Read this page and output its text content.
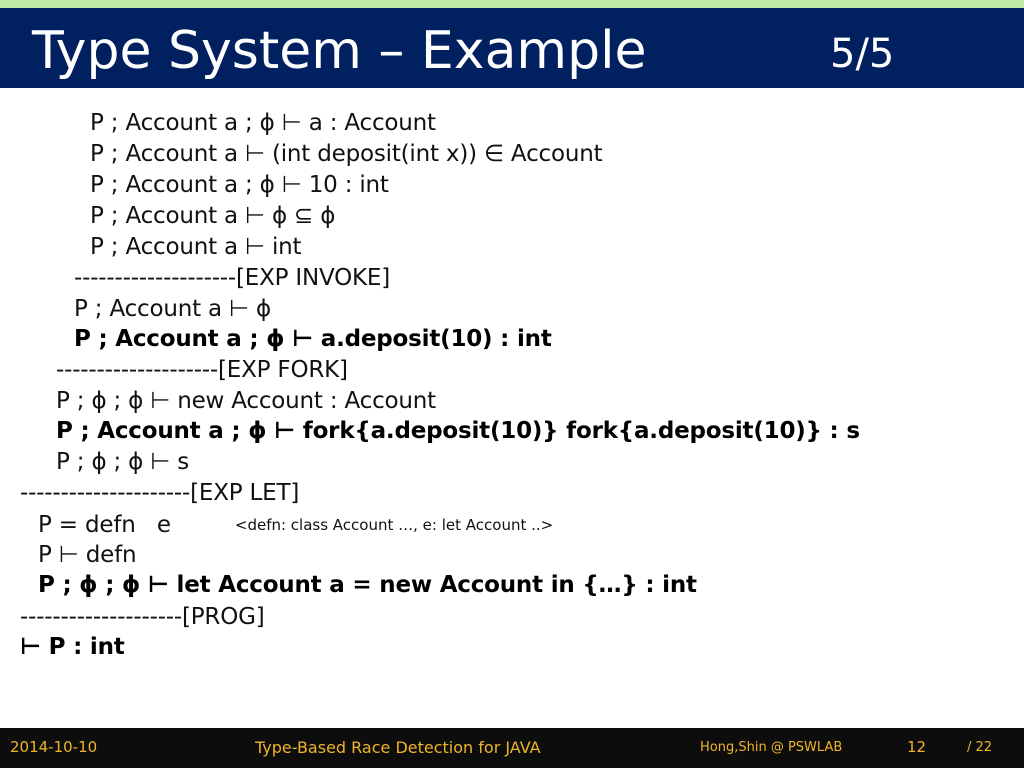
Type System – Example	5/5
P ; Account a ; ϕ ⊢ a : Account
P ; Account a ⊢ (int deposit(int x)) ∈ Account
P ; Account a ; ϕ ⊢ 10 : int
P ; Account a ⊢ ϕ ⊆ ϕ
P ; Account a ⊢ int
--------------------[EXP INVOKE]
P ; Account a ⊢ ϕ
P ; Account a ; ϕ ⊢ a.deposit(10) : int
--------------------[EXP FORK]
P ; ϕ ; ϕ ⊢ new Account : Account
P ; Account a ; ϕ ⊢ fork{a.deposit(10)} fork{a.deposit(10)} : s
P ; ϕ ; ϕ ⊢ s
---------------------[EXP LET]
P = defn   e	<defn: class Account …, e: let Account ..>
P ⊢ defn
P ; ϕ ; ϕ ⊢ let Account a = new Account in {…} : int
--------------------[PROG]
⊢ P : int
2014-10-10	Type-Based Race Detection for JAVA	Hong,Shin @ PSWLAB	12	/ 22
